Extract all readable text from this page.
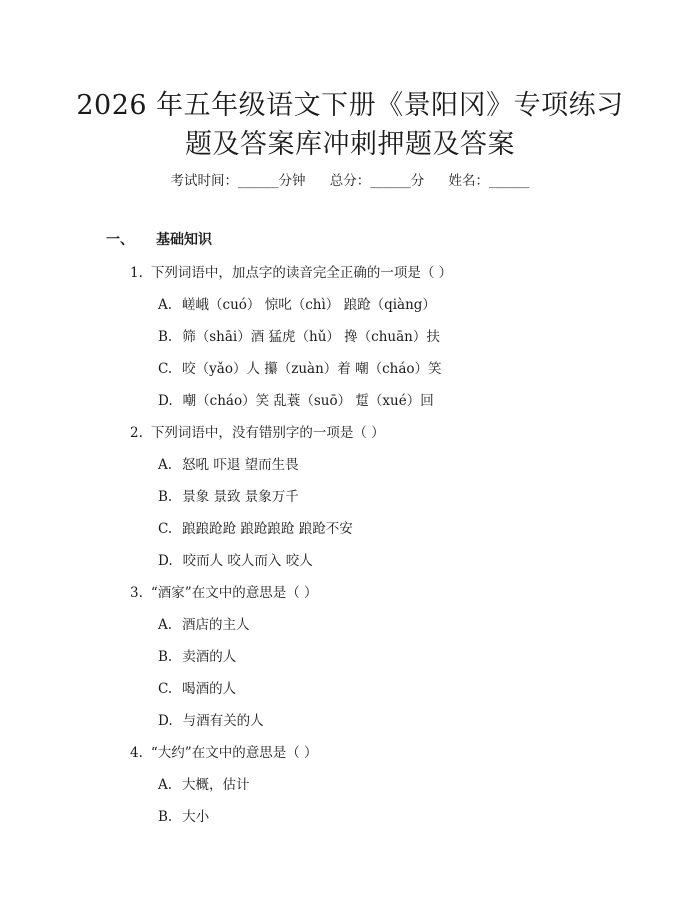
2026 年五年级语文下册《景阳冈》专项练习
题及答案库冲刺押题及答案
考试时间：______分钟 总分：______分 姓名：______
一、 基础知识
1. 下列词语中，加点字的读音完全正确的一项是（ ）
A. 嵯峨（cuó） 惊叱（chì） 踉跄（qiàng）
B. 筛（shāi）酒 猛虎（hǔ） 搀（chuān）扶
C. 咬（yǎo）人 攥（zuàn）着 嘲（cháo）笑
D. 嘲（cháo）笑 乱蓑（suō） 踅（xué）回
2. 下列词语中，没有错别字的一项是（ ）
A. 怒吼 吓退 望而生畏
B. 景象 景致 景象万千
C. 踉踉跄跄 踉跄踉跄 踉跄不安
D. 咬而人 咬人而入 咬人
3. “酒家”在文中的意思是（ ）
A. 酒店的主人
B. 卖酒的人
C. 喝酒的人
D. 与酒有关的人
4. “大约”在文中的意思是（ ）
A. 大概，估计
B. 大小
